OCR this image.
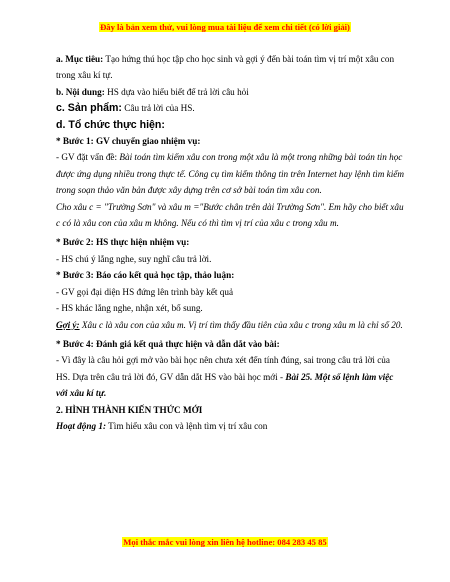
Đây là bản xem thử, vui lòng mua tài liệu để xem chi tiết (có lời giải)

a. Mục tiêu: Tạo hứng thú học tập cho học sinh và gợi ý đến bài toán tìm vị trí một xâu con trong xâu kí tự.

b. Nội dung: HS dựa vào hiểu biết để trả lời câu hỏi

c. Sản phẩm: Câu trả lời của HS.

d. Tổ chức thực hiện:

* Bước 1: GV chuyển giao nhiệm vụ:

- GV đặt vấn đề: Bài toán tìm kiếm xâu con trong một xâu là một trong những bài toán tin học được ứng dụng nhiều trong thực tế. Công cụ tìm kiếm thông tin trên Internet hay lệnh tìm kiếm trong soạn thảo văn bản được xây dựng trên cơ sở bài toán tìm xâu con.

Cho xâu c = "Trường Sơn" và xâu m ="Bước chân trên dài Trường Sơn". Em hãy cho biết xâu c có là xâu con của xâu m không. Nếu có thì tìm vị trí của xâu c trong xâu m.

* Bước 2: HS thực hiện nhiệm vụ:

- HS chú ý lắng nghe, suy nghĩ câu trả lời.

* Bước 3: Báo cáo kết quả học tập, thảo luận:

- GV gọi đại diện HS đứng lên trình bày kết quả

- HS khác lắng nghe, nhận xét, bổ sung.

Gợi ý: Xâu c là xâu con của xâu m. Vị trí tìm thấy đầu tiên của xâu c trong xâu m là chỉ số 20.

* Bước 4: Đánh giá kết quả thực hiện và dẫn dắt vào bài:

- Vì đây là câu hỏi gợi mở vào bài học nên chưa xét đến tính đúng, sai trong câu trả lời của HS. Dựa trên câu trả lời đó, GV dẫn dắt HS vào bài học mới - Bài 25. Một số lệnh làm việc với xâu kí tự.

2. HÌNH THÀNH KIẾN THỨC MỚI

Hoạt động 1: Tìm hiểu xâu con và lệnh tìm vị trí xâu con

Mọi thắc mắc vui lòng xin liên hệ hotline: 084 283 45 85
